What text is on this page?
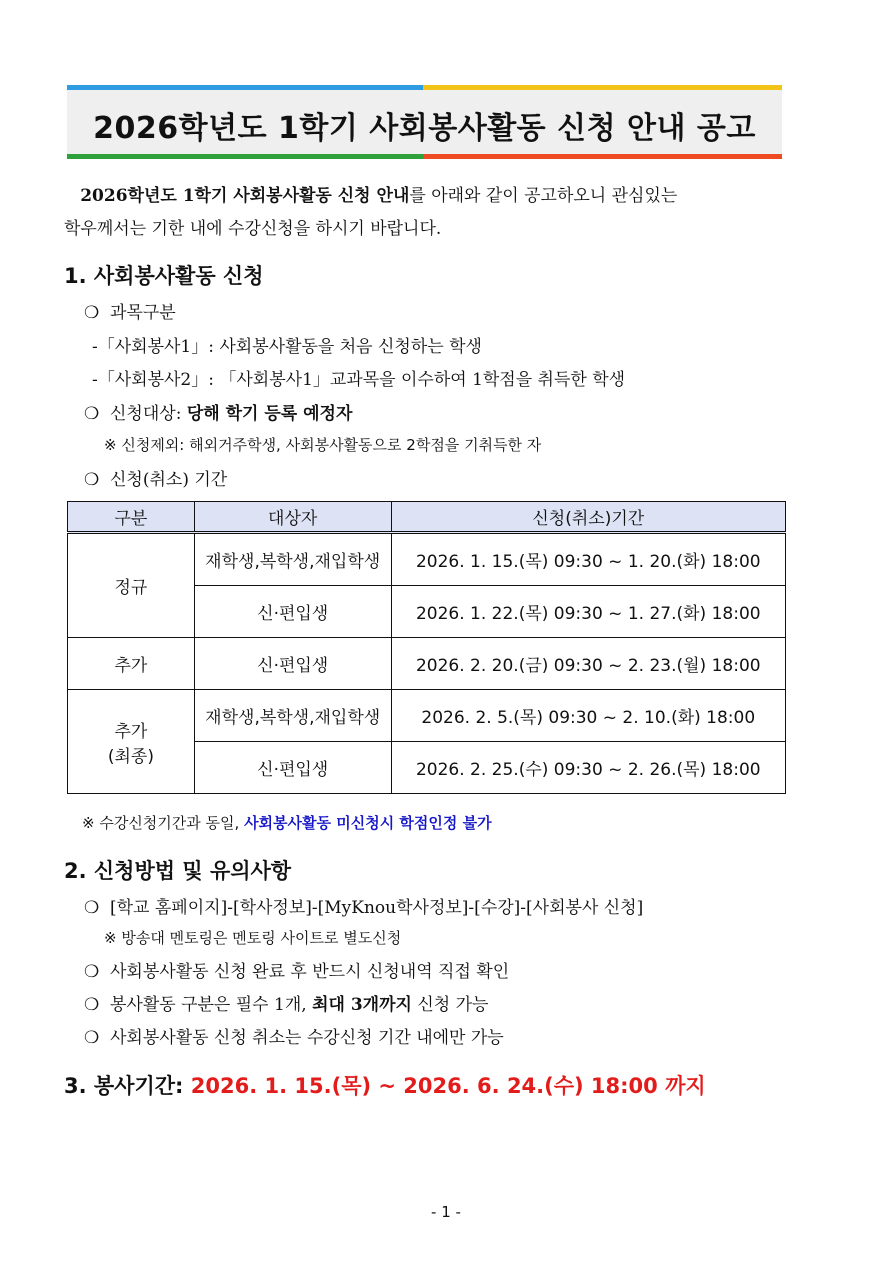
2026학년도 1학기 사회봉사활동 신청 안내 공고

2026학년도 1학기 사회봉사활동 신청 안내를 아래와 같이 공고하오니 관심있는

학우께서는 기한 내에 수강신청을 하시기 바랍니다.

1. 사회봉사활동 신청
❍ 과목구분
-「사회봉사1」: 사회봉사활동을 처음 신청하는 학생
-「사회봉사2」: 「사회봉사1」교과목을 이수하여 1학점을 취득한 학생
❍ 신청대상: 당해 학기 등록 예정자
※ 신청제외: 해외거주학생, 사회봉사활동으로 2학점을 기취득한 자
❍ 신청(취소) 기간
구분	대상자	신청(취소)기간
정규	재학생,복학생,재입학생	2026. 1. 15.(목) 09:30 ~ 1. 20.(화) 18:00
	신·편입생	2026. 1. 22.(목) 09:30 ~ 1. 27.(화) 18:00
추가	신·편입생	2026. 2. 20.(금) 09:30 ~ 2. 23.(월) 18:00

추가
(최종)	재학생,복학생,재입학생	2026. 2. 5.(목) 09:30 ~ 2. 10.(화) 18:00
	신·편입생	2026. 2. 25.(수) 09:30 ~ 2. 26.(목) 18:00
※ 수강신청기간과 동일, 사회봉사활동 미신청시 학점인정 불가
2. 신청방법 및 유의사항
❍ [학교 홈페이지]-[학사정보]-[MyKnou학사정보]-[수강]-[사회봉사 신청]
※ 방송대 멘토링은 멘토링 사이트로 별도신청
❍ 사회봉사활동 신청 완료 후 반드시 신청내역 직접 확인
❍ 봉사활동 구분은 필수 1개, 최대 3개까지 신청 가능
❍ 사회봉사활동 신청 취소는 수강신청 기간 내에만 가능
3. 봉사기간: 2026. 1. 15.(목) ~ 2026. 6. 24.(수) 18:00 까지
- 1 -
